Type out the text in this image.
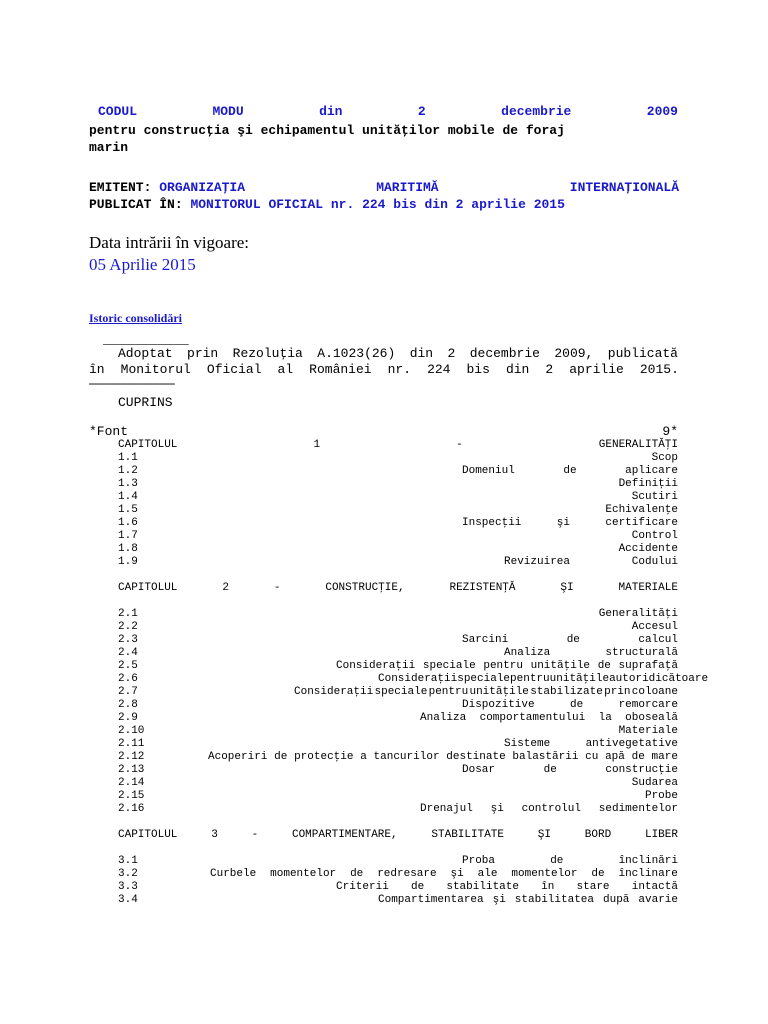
CODUL	MODU	din	2	decembrie	2009
pentru construcţia şi echipamentul unităţilor mobile de foraj
marin
EMITENT: ORGANIZAŢIA	MARITIMĂ	INTERNAŢIONALĂ
PUBLICAT ÎN: MONITORUL OFICIAL nr. 224 bis din 2 aprilie 2015
Data intrării în vigoare:
05 Aprilie 2015
Istoric consolidări
___________
Adoptat prin Rezoluţia A.1023(26) din 2 decembrie 2009, publicată
în Monitorul Oficial al României nr. 224 bis din 2 aprilie 2015.
───────────
CUPRINS
*Font	9*
CAPITOLUL	1	-	GENERALITĂŢI
1.1	Scop
1.2	Domeniul	de	aplicare
1.3	Definiţii
1.4	Scutiri
1.5	Echivalenţe
1.6	Inspecţii	şi	certificare
1.7	Control
1.8	Accidente
1.9	Revizuirea	Codului
CAPITOLUL	2	-	CONSTRUCŢIE,	REZISTENŢĂ	ŞI	MATERIALE
2.1	Generalităţi
2.2	Accesul
2.3	Sarcini	de	calcul
2.4	Analiza	structurală
2.5	Consideraţii speciale pentru unităţile de suprafaţă
2.6	Consideraţii speciale pentru unităţile autoridicătoare
2.7	Consideraţii speciale pentru unităţile stabilizate prin coloane
2.8	Dispozitive	de	remorcare
2.9	Analiza comportamentului la oboseală
2.10	Materiale
2.11	Sisteme	antivegetative
2.12	Acoperiri de protecţie a tancurilor destinate balastării cu apă de mare
2.13	Dosar	de	construcţie
2.14	Sudarea
2.15	Probe
2.16	Drenajul şi controlul sedimentelor
CAPITOLUL	3	-	COMPARTIMENTARE,	STABILITATE	ŞI	BORD	LIBER
3.1	Proba	de	înclinări
3.2	Curbele momentelor de redresare şi ale momentelor de înclinare
3.3	Criterii de stabilitate în stare intactă
3.4	Compartimentarea şi stabilitatea după avarie
